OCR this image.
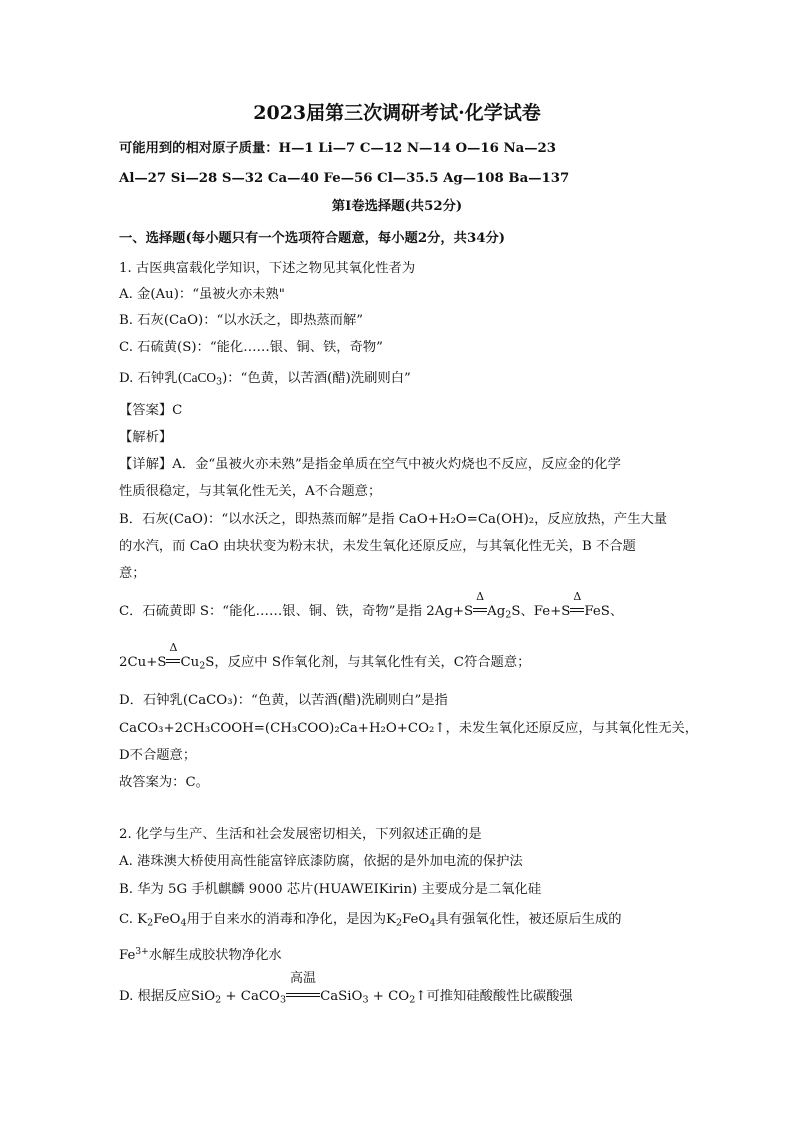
2023届第三次调研考试·化学试卷
可能用到的相对原子质量：H—1 Li—7 C—12 N—14 O—16 Na—23
Al—27 Si—28 S—32 Ca—40 Fe—56 Cl—35.5 Ag—108 Ba—137
第Ⅰ卷选择题(共52分)
一、选择题(每小题只有一个选项符合题意，每小题2分，共34分)
1. 古医典富载化学知识，下述之物见其氧化性者为
A. 金(Au)：“虽被火亦未熟"
B. 石灰(CaO)：“以水沃之，即热蒸而解”
C. 石硫黄(S)：“能化……银、铜、铁，奇物”
D. 石钟乳(CaCO$_3$)：“色黄，以苦酒(醋)洗刷则白”
【答案】C
【解析】
【详解】A．金“虽被火亦未熟”是指金单质在空气中被火灼烧也不反应，反应金的化学
性质很稳定，与其氧化性无关，A不合题意；
B．石灰(CaO)：“以水沃之，即热蒸而解”是指 CaO+H₂O=Ca(OH)₂，反应放热，产生大量
的水汽，而 CaO 由块状变为粉末状，未发生氧化还原反应，与其氧化性无关，B 不合题
意；
C．石硫黄即 S：“能化……银、铜、铁，奇物”是指 2Ag+S
Δ
$Ag_2S$、Fe+S
Δ
FeS、
2Cu+S
Δ
$Cu_2S$，反应中 S作氧化剂，与其氧化性有关，C符合题意；
D．石钟乳(CaCO₃)：“色黄，以苦酒(醋)洗刷则白”是指
CaCO₃+2CH₃COOH=(CH₃COO)₂Ca+H₂O+CO₂↑，未发生氧化还原反应，与其氧化性无关，
D不合题意；
故答案为：C。
2. 化学与生产、生活和社会发展密切相关，下列叙述正确的是
A. 港珠澳大桥使用高性能富锌底漆防腐，依据的是外加电流的保护法
B. 华为 5G 手机麒麟 9000 芯片(HUAWEIKirin) 主要成分是二氧化硅
C. $K_2FeO_4$用于自来水的消毒和净化，是因为$K_2FeO_4$具有强氧化性，被还原后生成的
$Fe^{3+}$水解生成胶状物净化水
D. 根据反应SiO$_2$ + CaCO$_3$
高温
CaSiO$_3$ + $CO_2↑$可推知硅酸酸性比碳酸强
